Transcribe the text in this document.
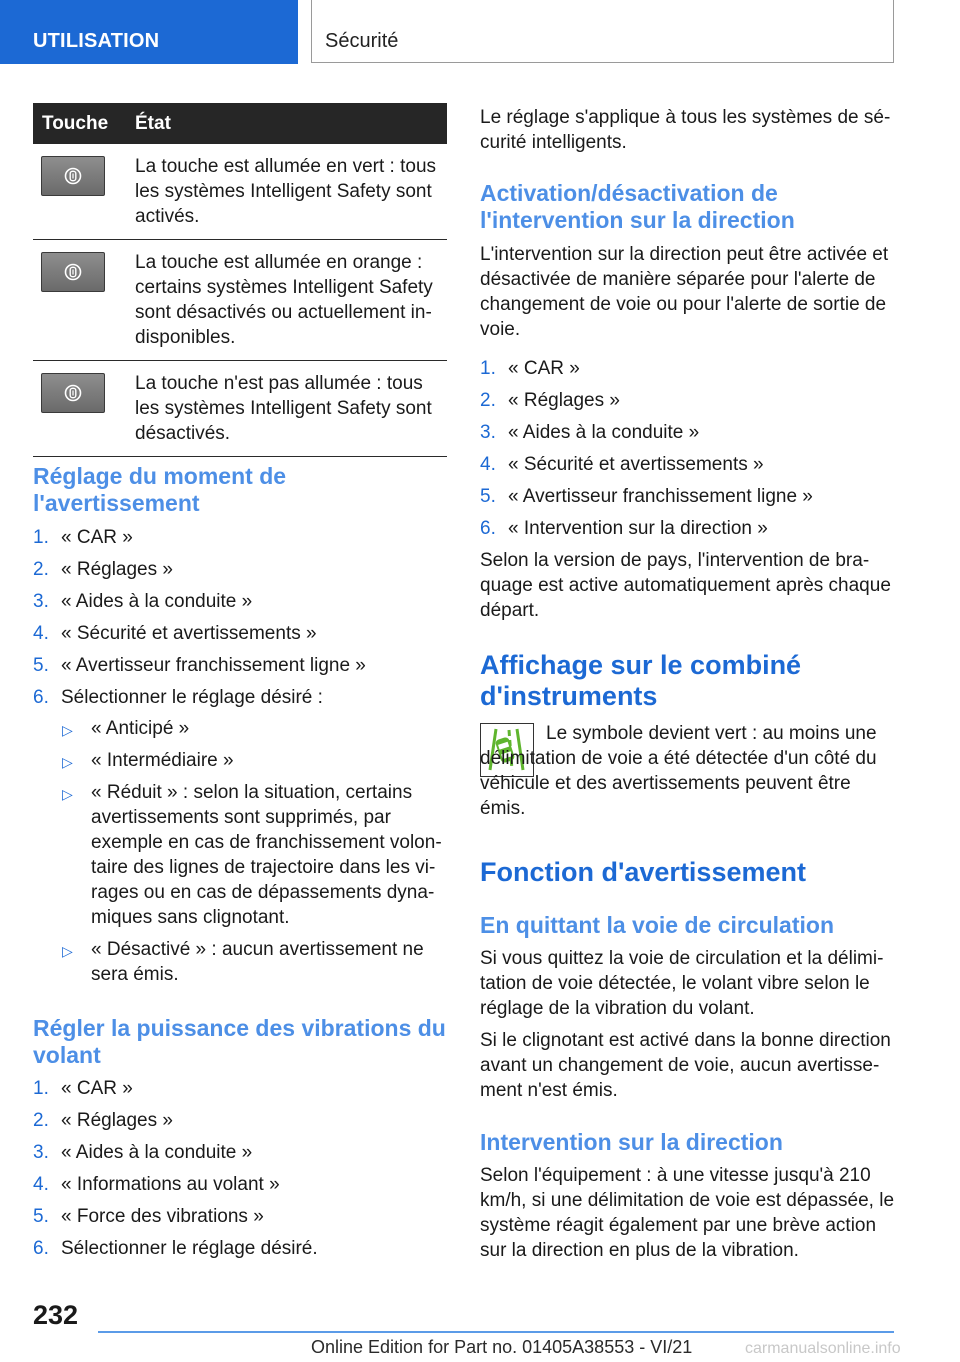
UTILISATION	Sécurité
Touche	État

	La touche est allumée en vert : tous les systèmes Intelligent Safety sont activés.

	La touche est allumée en orange : certains systèmes Intelligent Safety sont désactivés ou actuellement indisponibles.

	La touche n'est pas allumée : tous les systèmes Intelligent Safety sont désactivés.
Réglage du moment de l'avertissement
1. « CAR »
2. « Réglages »
3. « Aides à la conduite »
4. « Sécurité et avertissements »
5. « Avertisseur franchissement ligne »
6. Sélectionner le réglage désiré :
▷ « Anticipé »
▷ « Intermédiaire »
▷ « Réduit » : selon la situation, certains avertissements sont supprimés, par exemple en cas de franchissement volontaire des lignes de trajectoire dans les virages ou en cas de dépassements dynamiques sans clignotant.
▷ « Désactivé » : aucun avertissement ne sera émis.
Régler la puissance des vibrations du volant
1. « CAR »
2. « Réglages »
3. « Aides à la conduite »
4. « Informations au volant »
5. « Force des vibrations »
6. Sélectionner le réglage désiré.

Le réglage s'applique à tous les systèmes de sécurité intelligents.

Activation/désactivation de l'intervention sur la direction

L'intervention sur la direction peut être activée et désactivée de manière séparée pour l'alerte de changement de voie ou pour l'alerte de sortie de voie.

1. « CAR »
2. « Réglages »
3. « Aides à la conduite »
4. « Sécurité et avertissements »
5. « Avertisseur franchissement ligne »
6. « Intervention sur la direction »

Selon la version de pays, l'intervention de braquage est active automatiquement après chaque départ.

Affichage sur le combiné d'instruments

Le symbole devient vert : au moins une délimitation de voie a été détectée d'un côté du véhicule et des avertissements peuvent être émis.

Fonction d'avertissement
En quittant la voie de circulation

Si vous quittez la voie de circulation et la délimitation de voie détectée, le volant vibre selon le réglage de la vibration du volant.

Si le clignotant est activé dans la bonne direction avant un changement de voie, aucun avertissement n'est émis.

Intervention sur la direction

Selon l'équipement : à une vitesse jusqu'à 210 km/h, si une délimitation de voie est dépassée, le système réagit également par une brève action sur la direction en plus de la vibration.

232
Online Edition for Part no. 01405A38553 - VI/21	carmanualsonline.info
